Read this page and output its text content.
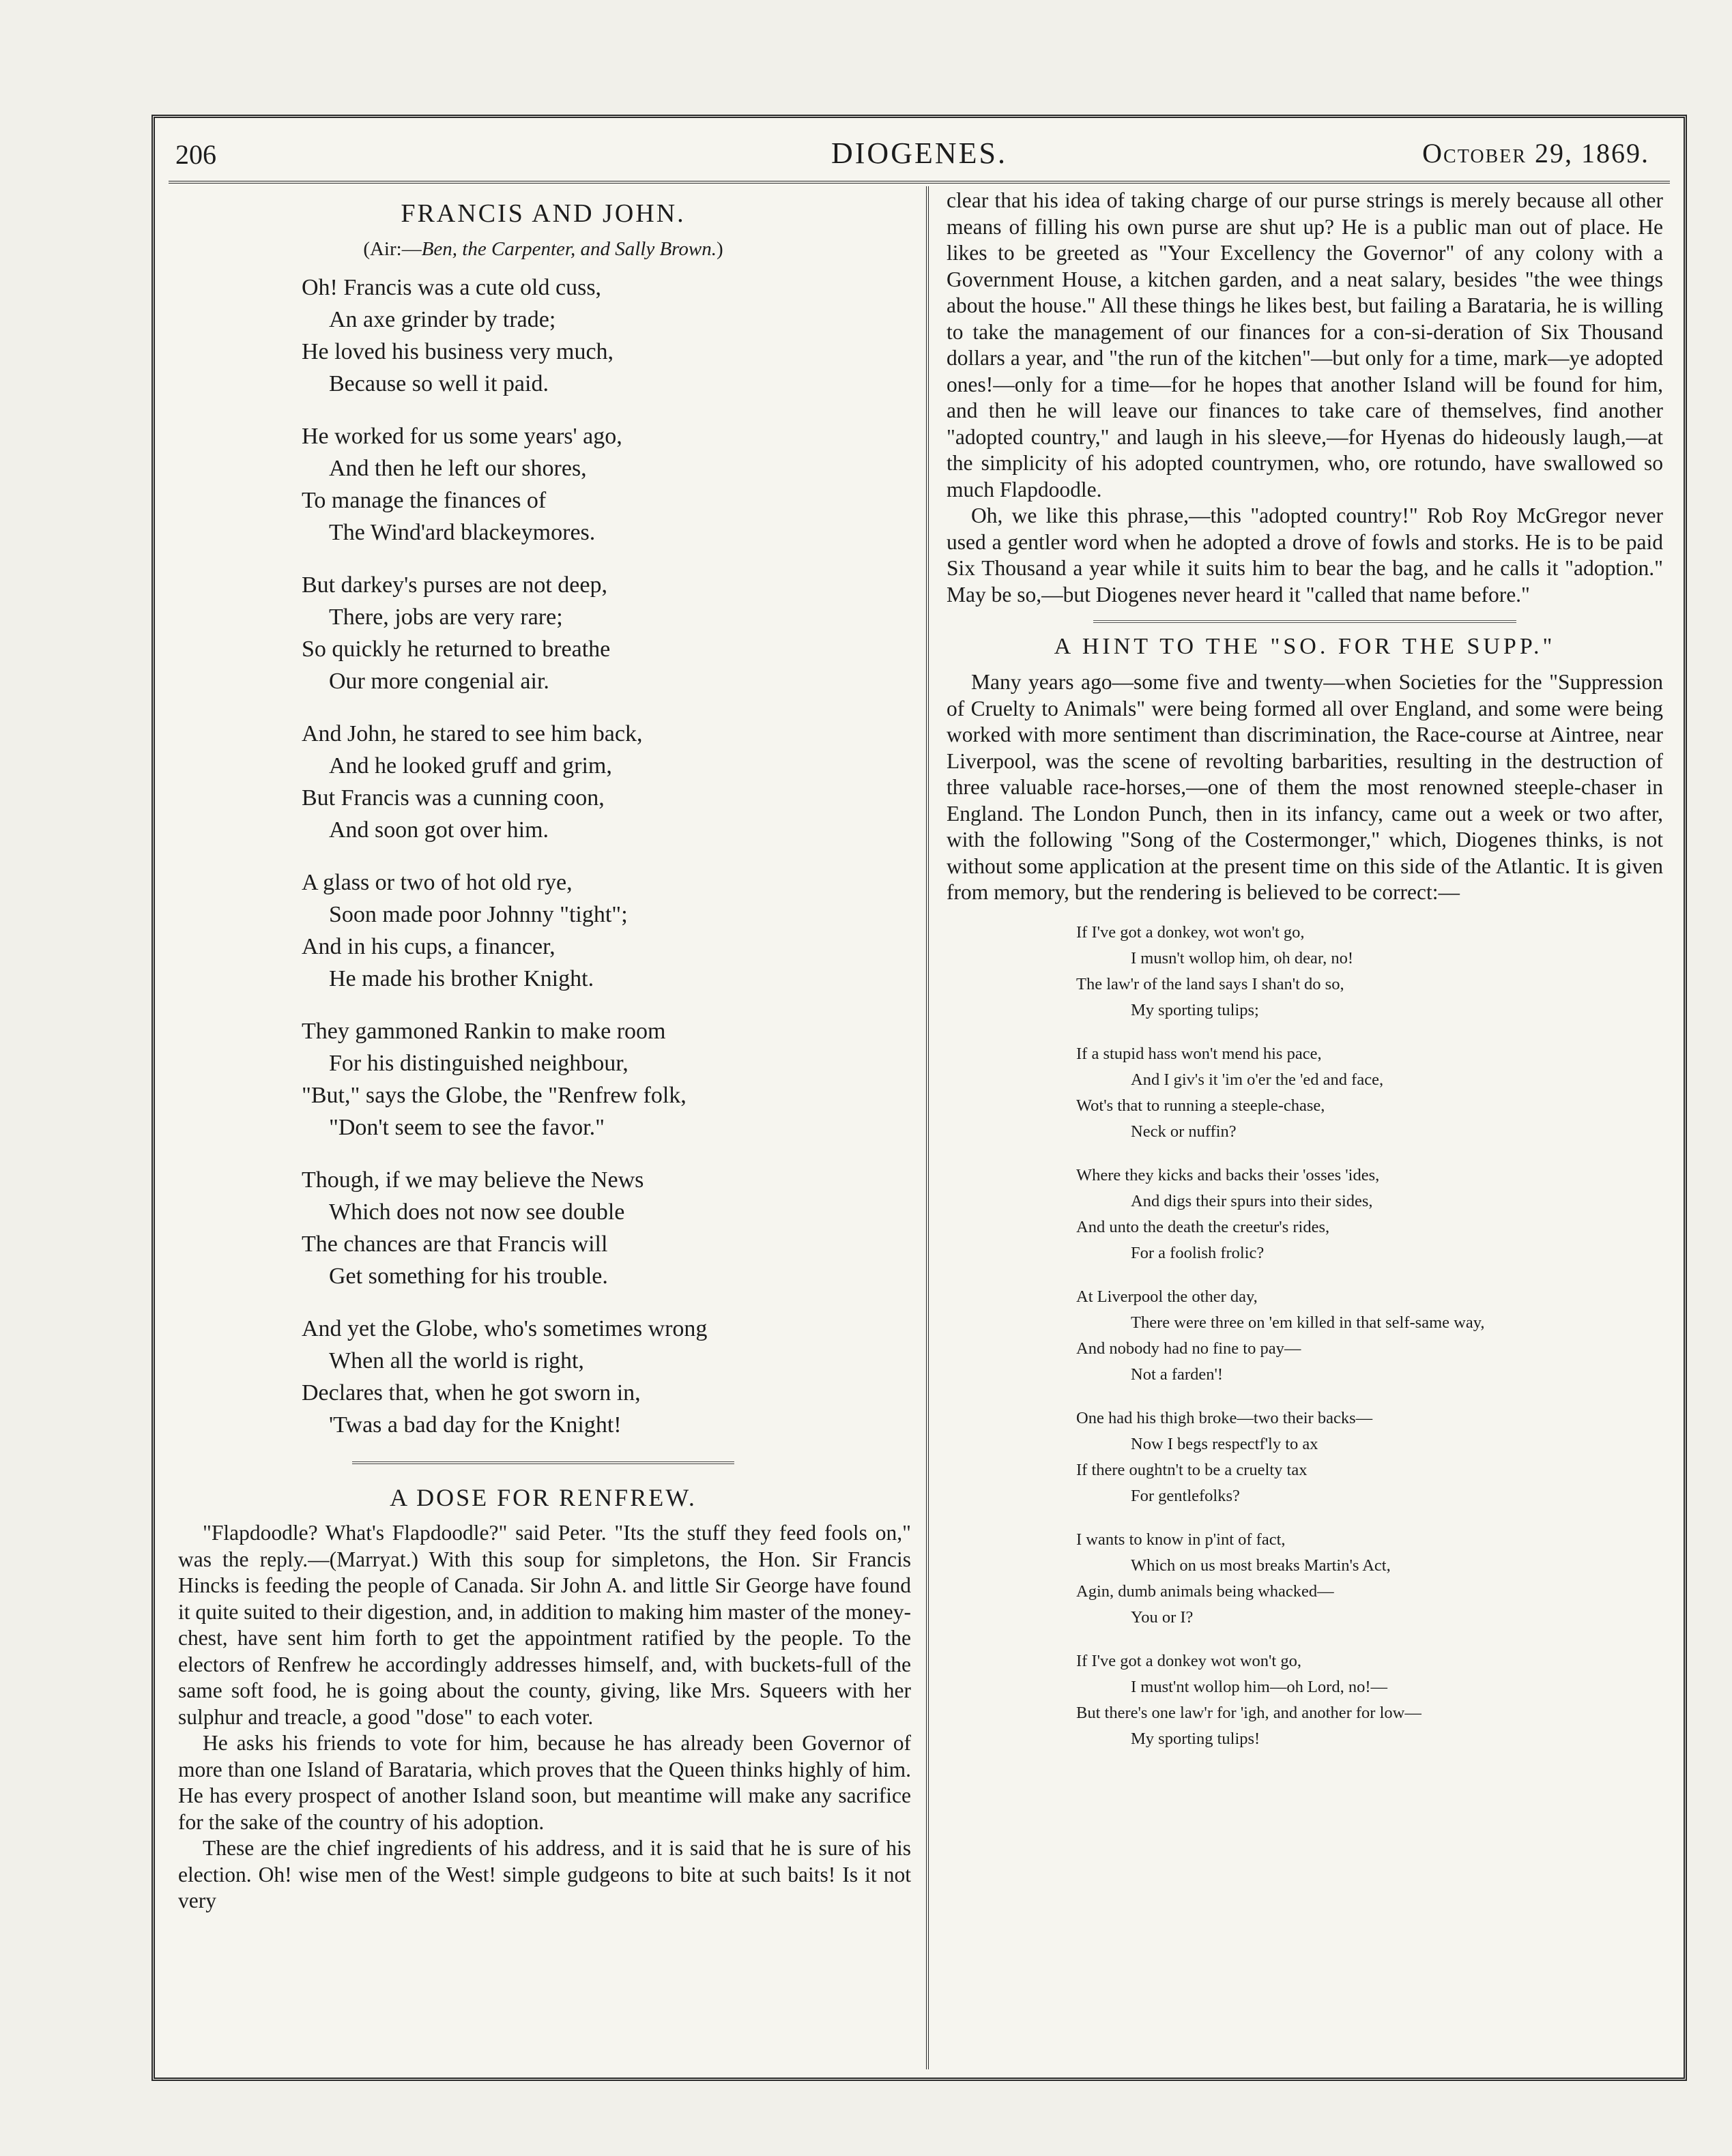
206	DIOGENES.	October 29, 1869.
FRANCIS AND JOHN.
(Air:—Ben, the Carpenter, and Sally Brown.)
Oh! Francis was a cute old cuss,
An axe grinder by trade;
He loved his business very much,
Because so well it paid.
He worked for us some years' ago,
And then he left our shores,
To manage the finances of
The Wind'ard blackeymores.
But darkey's purses are not deep,
There, jobs are very rare;
So quickly he returned to breathe
Our more congenial air.
And John, he stared to see him back,
And he looked gruff and grim,
But Francis was a cunning coon,
And soon got over him.
A glass or two of hot old rye,
Soon made poor Johnny "tight";
And in his cups, a financer,
He made his brother Knight.
They gammoned Rankin to make room
For his distinguished neighbour,
"But," says the Globe, the "Renfrew folk,
"Don't seem to see the favor."
Though, if we may believe the News
Which does not now see double
The chances are that Francis will
Get something for his trouble.
And yet the Globe, who's sometimes wrong
When all the world is right,
Declares that, when he got sworn in,
'Twas a bad day for the Knight!
A DOSE FOR RENFREW.

"Flapdoodle? What's Flapdoodle?" said Peter. "Its the stuff they feed fools on," was the reply.—(Marryat.) With this soup for simpletons, the Hon. Sir Francis Hincks is feeding the people of Canada. Sir John A. and little Sir George have found it quite suited to their digestion, and, in addition to making him master of the money-chest, have sent him forth to get the appointment ratified by the people. To the electors of Renfrew he accordingly addresses himself, and, with buckets-full of the same soft food, he is going about the county, giving, like Mrs. Squeers with her sulphur and treacle, a good "dose" to each voter.

He asks his friends to vote for him, because he has already been Governor of more than one Island of Barataria, which proves that the Queen thinks highly of him. He has every prospect of another Island soon, but meantime will make any sacrifice for the sake of the country of his adoption.

These are the chief ingredients of his address, and it is said that he is sure of his election. Oh! wise men of the West! simple gudgeons to bite at such baits! Is it not very

clear that his idea of taking charge of our purse strings is merely because all other means of filling his own purse are shut up? He is a public man out of place. He likes to be greeted as "Your Excellency the Governor" of any colony with a Government House, a kitchen garden, and a neat salary, besides "the wee things about the house." All these things he likes best, but failing a Barataria, he is willing to take the management of our finances for a con-si-deration of Six Thousand dollars a year, and "the run of the kitchen"—but only for a time, mark—ye adopted ones!—only for a time—for he hopes that another Island will be found for him, and then he will leave our finances to take care of themselves, find another "adopted country," and laugh in his sleeve,—for Hyenas do hideously laugh,—at the simplicity of his adopted countrymen, who, ore rotundo, have swallowed so much Flapdoodle.

Oh, we like this phrase,—this "adopted country!" Rob Roy McGregor never used a gentler word when he adopted a drove of fowls and storks. He is to be paid Six Thousand a year while it suits him to bear the bag, and he calls it "adoption." May be so,—but Diogenes never heard it "called that name before."

A HINT TO THE "SO. FOR THE SUPP."

Many years ago—some five and twenty—when Societies for the "Suppression of Cruelty to Animals" were being formed all over England, and some were being worked with more sentiment than discrimination, the Race-course at Aintree, near Liverpool, was the scene of revolting barbarities, resulting in the destruction of three valuable race-horses,—one of them the most renowned steeple-chaser in England. The London Punch, then in its infancy, came out a week or two after, with the following "Song of the Costermonger," which, Diogenes thinks, is not without some application at the present time on this side of the Atlantic. It is given from memory, but the rendering is believed to be correct:—

If I've got a donkey, wot won't go,
I musn't wollop him, oh dear, no!
The law'r of the land says I shan't do so,
My sporting tulips;
If a stupid hass won't mend his pace,
And I giv's it 'im o'er the 'ed and face,
Wot's that to running a steeple-chase,
Neck or nuffin?
Where they kicks and backs their 'osses 'ides,
And digs their spurs into their sides,
And unto the death the creetur's rides,
For a foolish frolic?
At Liverpool the other day,
There were three on 'em killed in that self-same way,
And nobody had no fine to pay—
Not a farden'!
One had his thigh broke—two their backs—
Now I begs respectf'ly to ax
If there oughtn't to be a cruelty tax
For gentlefolks?
I wants to know in p'int of fact,
Which on us most breaks Martin's Act,
Agin, dumb animals being whacked—
You or I?
If I've got a donkey wot won't go,
I must'nt wollop him—oh Lord, no!—
But there's one law'r for 'igh, and another for low—
My sporting tulips!
